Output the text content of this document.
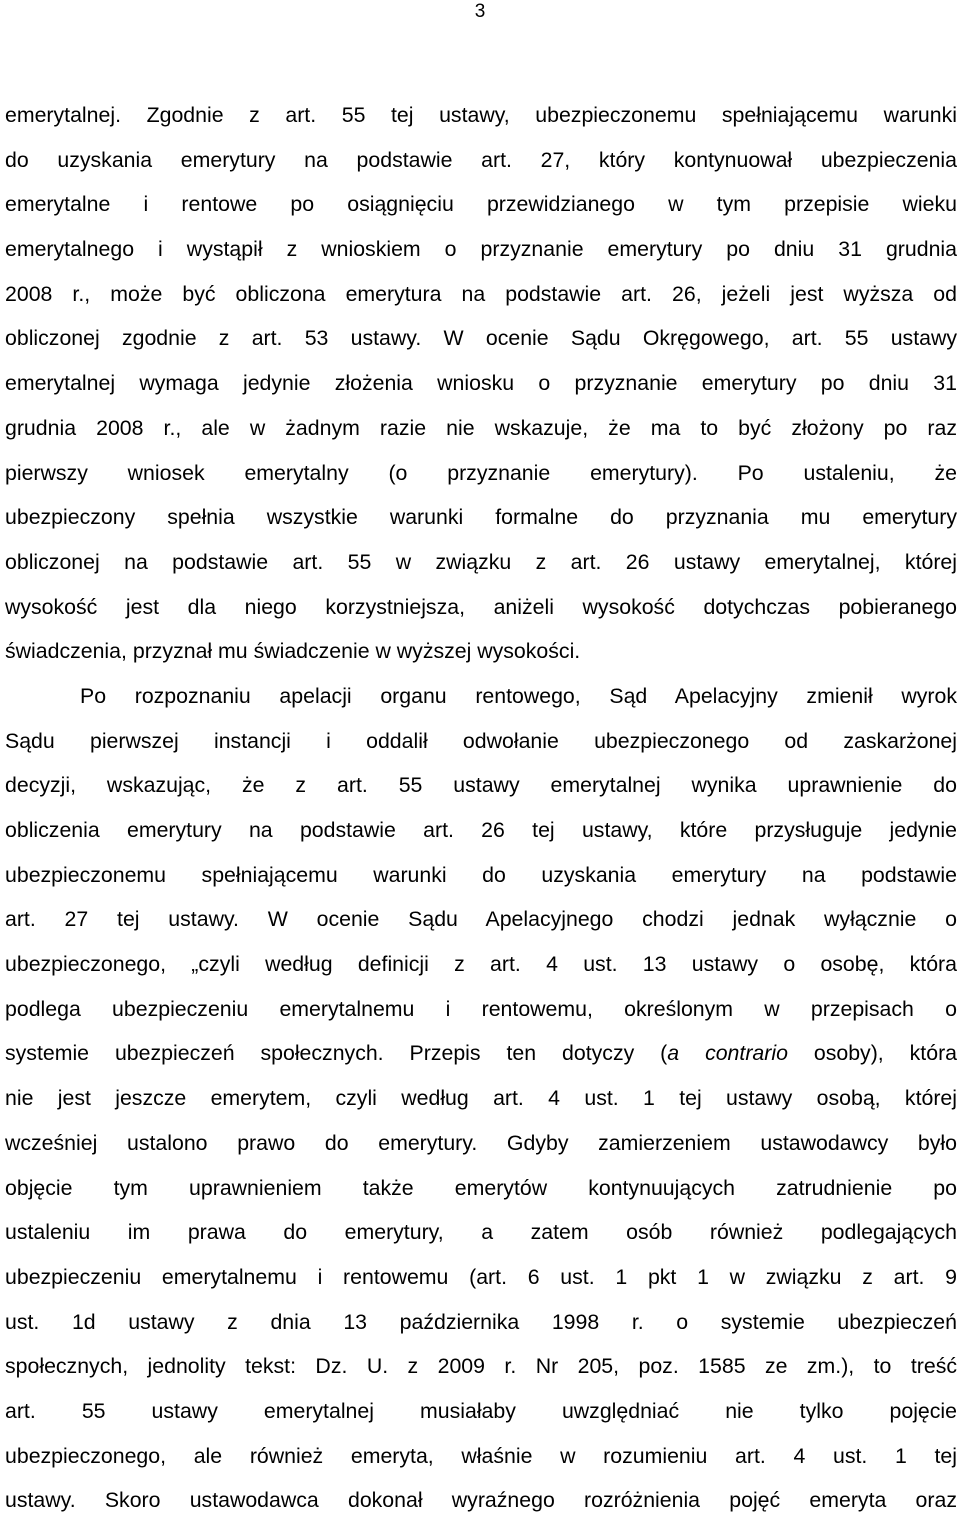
3
emerytalnej. Zgodnie z art. 55 tej ustawy, ubezpieczonemu spełniającemu warunki
do uzyskania emerytury na podstawie art. 27, który kontynuował ubezpieczenia
emerytalne i rentowe po osiągnięciu przewidzianego w tym przepisie wieku
emerytalnego i wystąpił z wnioskiem o przyznanie emerytury po dniu 31 grudnia
2008 r., może być obliczona emerytura na podstawie art. 26, jeżeli jest wyższa od
obliczonej zgodnie z art. 53 ustawy. W ocenie Sądu Okręgowego, art. 55 ustawy
emerytalnej wymaga jedynie złożenia wniosku o przyznanie emerytury po dniu 31
grudnia 2008 r., ale w żadnym razie nie wskazuje, że ma to być złożony po raz
pierwszy wniosek emerytalny (o przyznanie emerytury). Po ustaleniu, że
ubezpieczony spełnia wszystkie warunki formalne do przyznania mu emerytury
obliczonej na podstawie art. 55 w związku z art. 26 ustawy emerytalnej, której
wysokość jest dla niego korzystniejsza, aniżeli wysokość dotychczas pobieranego
świadczenia, przyznał mu świadczenie w wyższej wysokości.
Po rozpoznaniu apelacji organu rentowego, Sąd Apelacyjny zmienił wyrok
Sądu pierwszej instancji i oddalił odwołanie ubezpieczonego od zaskarżonej
decyzji, wskazując, że z art. 55 ustawy emerytalnej wynika uprawnienie do
obliczenia emerytury na podstawie art. 26 tej ustawy, które przysługuje jedynie
ubezpieczonemu spełniającemu warunki do uzyskania emerytury na podstawie
art. 27 tej ustawy. W ocenie Sądu Apelacyjnego chodzi jednak wyłącznie o
ubezpieczonego, „czyli według definicji z art. 4 ust. 13 ustawy o osobę, która
podlega ubezpieczeniu emerytalnemu i rentowemu, określonym w przepisach o
systemie ubezpieczeń społecznych. Przepis ten dotyczy (a contrario osoby), która
nie jest jeszcze emerytem, czyli według art. 4 ust. 1 tej ustawy osobą, której
wcześniej ustalono prawo do emerytury. Gdyby zamierzeniem ustawodawcy było
objęcie tym uprawnieniem także emerytów kontynuujących zatrudnienie po
ustaleniu im prawa do emerytury, a zatem osób również podlegających
ubezpieczeniu emerytalnemu i rentowemu (art. 6 ust. 1 pkt 1 w związku z art. 9
ust. 1d ustawy z dnia 13 października 1998 r. o systemie ubezpieczeń
społecznych, jednolity tekst: Dz. U. z 2009 r. Nr 205, poz. 1585 ze zm.), to treść
art. 55 ustawy emerytalnej musiałaby uwzględniać nie tylko pojęcie
ubezpieczonego, ale również emeryta, właśnie w rozumieniu art. 4 ust. 1 tej
ustawy. Skoro ustawodawca dokonał wyraźnego rozróżnienia pojęć emeryta oraz
